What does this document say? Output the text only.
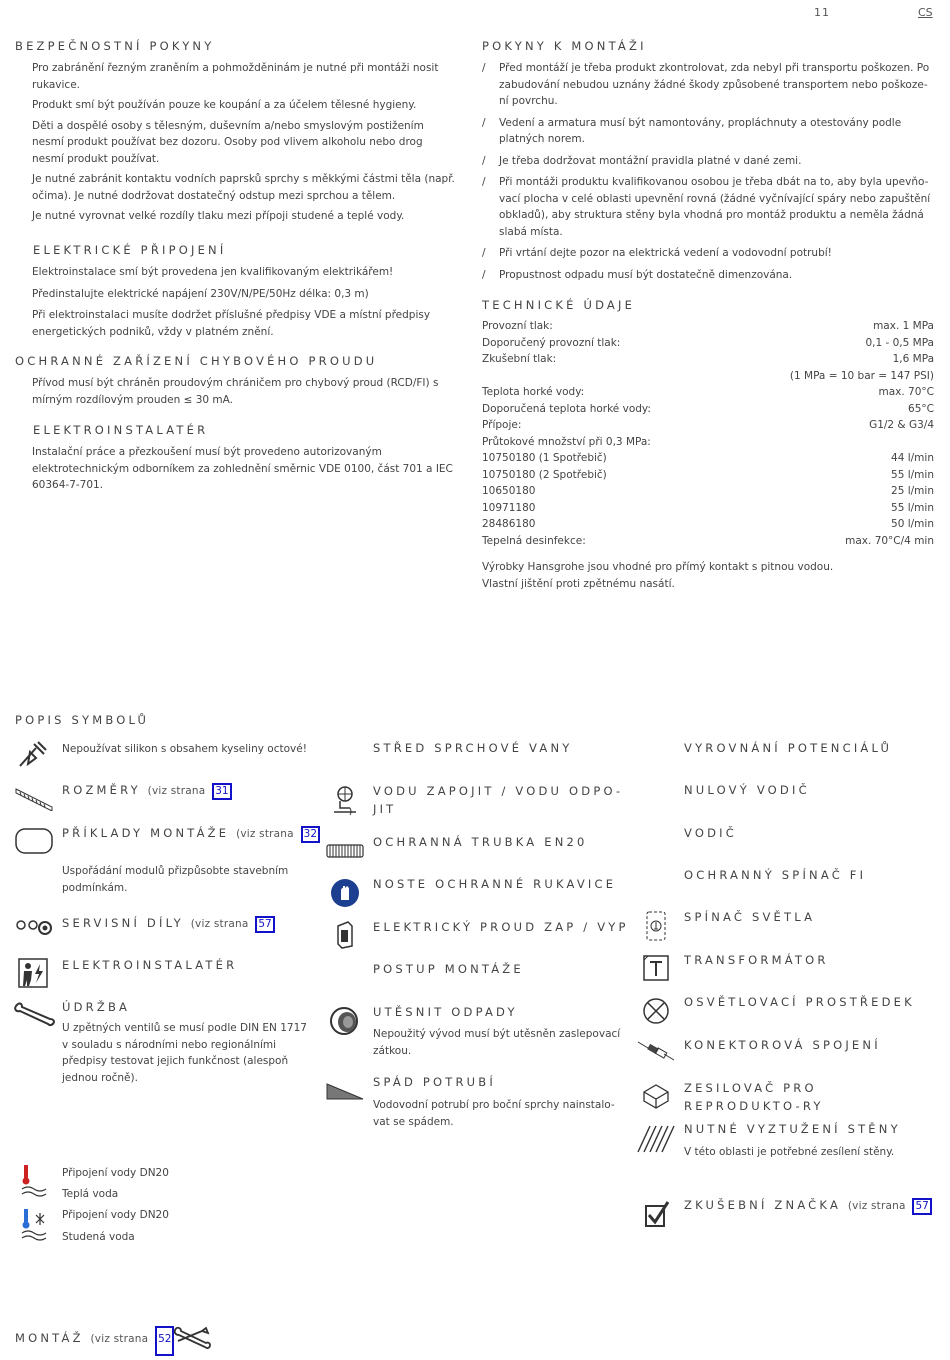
11	CS
BEZPEČNOSTNÍ POKYNY

Pro zabránění řezným zraněním a pohmožděninám je nutné při montáži nosit rukavice.

Produkt smí být používán pouze ke koupání a za účelem tělesné hygieny.

Děti a dospělé osoby s tělesným, duševním a/nebo smyslovým postižením nesmí produkt používat bez dozoru. Osoby pod vlivem alkoholu nebo drog nesmí produkt používat.

Je nutné zabránit kontaktu vodních paprsků sprchy s měkkými částmi těla (např. očima). Je nutné dodržovat dostatečný odstup mezi sprchou a tělem.

Je nutné vyrovnat velké rozdíly tlaku mezi přípoji studené a teplé vody.

ELEKTRICKÉ PŘIPOJENÍ

Elektroinstalace smí být provedena jen kvalifikovaným elektrikářem!

Předinstalujte elektrické napájení 230V/N/PE/50Hz délka: 0,3 m)

Při elektroinstalaci musíte dodržet příslušné předpisy VDE a místní předpisy energetických podniků, vždy v platném znění.

OCHRANNÉ ZAŘÍZENÍ CHYBOVÉHO PROUDU

Přívod musí být chráněn proudovým chráničem pro chybový proud (RCD/FI) s mírným rozdílovým prouden ≤ 30 mA.

ELEKTROINSTALATÉR

Instalační práce a přezkoušení musí být provedeno autorizovaným elektrotechnickým odborníkem za zohlednění směrnic VDE 0100, část 701 a IEC 60364-7-701.

POKYNY K MONTÁŽI
/ Před montáží je třeba produkt zkontrolovat, zda nebyl při transportu poškozen. Po zabudování nebudou uznány žádné škody způsobené transportem nebo poškoze-ní povrchu.
/ Vedení a armatura musí být namontovány, propláchnuty a otestovány podle platných norem.
/ Je třeba dodržovat montážní pravidla platné v dané zemi.
/ Při montáži produktu kvalifikovanou osobou je třeba dbát na to, aby byla upevňo-vací plocha v celé oblasti upevnění rovná (žádné vyčnívající spáry nebo zapuštění obkladů), aby struktura stěny byla vhodná pro montáž produktu a neměla žádná slabá místa.
/ Při vrtání dejte pozor na elektrická vedení a vodovodní potrubí!
/ Propustnost odpadu musí být dostatečně dimenzována.
TECHNICKÉ ÚDAJE
Provozní tlak:	max. 1 MPa
Doporučený provozní tlak:	0,1 - 0,5 MPa
Zkušební tlak:	1,6 MPa
(1 MPa = 10 bar = 147 PSI)
Teplota horké vody:	max. 70°C
Doporučená teplota horké vody:	65°C
Přípoje:	G1/2 & G3/4
Průtokové množství při 0,3 MPa:
10750180 (1 Spotřebič)	44 l/min
10750180 (2 Spotřebič)	55 l/min
10650180	25 l/min
10971180	55 l/min
28486180	50 l/min
Tepelná desinfekce:	max. 70°C/4 min
Výrobky Hansgrohe jsou vhodné pro přímý kontakt s pitnou vodou.
Vlastní jištění proti zpětnému nasátí.
POPIS SYMBOLŮ
Nepoužívat silikon s obsahem kyseliny octové!
ROZMĚRY (viz strana 31
PŘÍKLADY MONTÁŽE (viz strana 32
Uspořádání modulů přizpůsobte stavebním podmínkám.
SERVISNÍ DÍLY (viz strana 57
ELEKTROINSTALATÉR
ÚDRŽBA
U zpětných ventilů se musí podle DIN EN 1717 v souladu s národními nebo regionálními předpisy testovat jejich funkčnost (alespoň jednou ročně).
Připojení vody DN20
Teplá voda
Připojení vody DN20
Studená voda
STŘED SPRCHOVÉ VANY
VODU ZAPOJIT / VODU ODPO-JIT
OCHRANNÁ TRUBKA EN20
NOSTE OCHRANNÉ RUKAVICE
ELEKTRICKÝ PROUD ZAP / VYP
POSTUP MONTÁŽE
UTĚSNIT ODPADY
Nepoužitý vývod musí být utěsněn zaslepovací zátkou.
SPÁD POTRUBÍ
Vodovodní potrubí pro boční sprchy nainstalo-vat se spádem.
VYROVNÁNÍ POTENCIÁLŮ
NULOVÝ VODIČ
VODIČ
OCHRANNÝ SPÍNAČ FI
SPÍNAČ SVĚTLA
TRANSFORMÁTOR
OSVĚTLOVACÍ PROSTŘEDEK
KONEKTOROVÁ SPOJENÍ
ZESILOVAČ PRO REPRODUKTO-RY
NUTNÉ VYZTUŽENÍ STĚNY
V této oblasti je potřebné zesílení stěny.
ZKUŠEBNÍ ZNAČKA (viz strana 57
MONTÁŽ (viz strana 52
